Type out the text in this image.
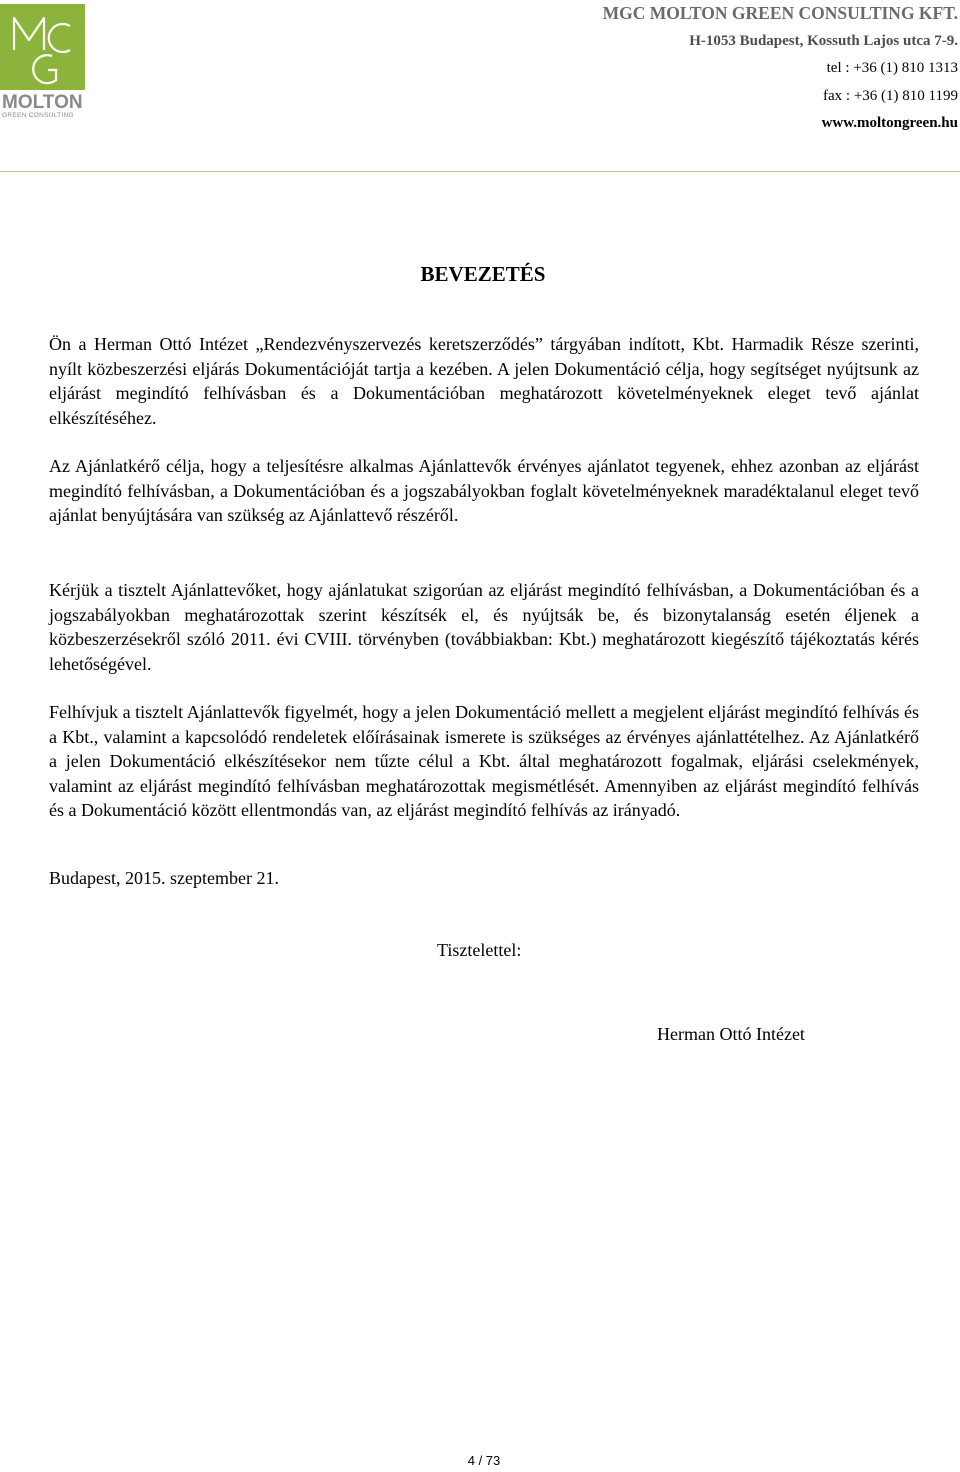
MOLTON
GREEN CONSULTING
MGC MOLTON GREEN CONSULTING KFT.
H-1053 Budapest, Kossuth Lajos utca 7-9.
tel : +36 (1) 810 1313
fax : +36 (1) 810 1199
www.moltongreen.hu
BEVEZETÉS

Ön a Herman Ottó Intézet „Rendezvényszervezés keretszerződés” tárgyában indított, Kbt. Harmadik Része szerinti, nyílt közbeszerzési eljárás Dokumentációját tartja a kezében. A jelen Dokumentáció célja, hogy segítséget nyújtsunk az eljárást megindító felhívásban és a Dokumentációban meghatározott követelményeknek eleget tevő ajánlat elkészítéséhez.

Az Ajánlatkérő célja, hogy a teljesítésre alkalmas Ajánlattevők érvényes ajánlatot tegyenek, ehhez azonban az eljárást megindító felhívásban, a Dokumentációban és a jogszabályokban foglalt követelményeknek maradéktalanul eleget tevő ajánlat benyújtására van szükség az Ajánlattevő részéről.

Kérjük a tisztelt Ajánlattevőket, hogy ajánlatukat szigorúan az eljárást megindító felhívásban, a Dokumentációban és a jogszabályokban meghatározottak szerint készítsék el, és nyújtsák be, és bizonytalanság esetén éljenek a közbeszerzésekről szóló 2011. évi CVIII. törvényben (továbbiakban: Kbt.) meghatározott kiegészítő tájékoztatás kérés lehetőségével.

Felhívjuk a tisztelt Ajánlattevők figyelmét, hogy a jelen Dokumentáció mellett a megjelent eljárást megindító felhívás és a Kbt., valamint a kapcsolódó rendeletek előírásainak ismerete is szükséges az érvényes ajánlattételhez. Az Ajánlatkérő a jelen Dokumentáció elkészítésekor nem tűzte célul a Kbt. által meghatározott fogalmak, eljárási cselekmények, valamint az eljárást megindító felhívásban meghatározottak megismétlését. Amennyiben az eljárást megindító felhívás és a Dokumentáció között ellentmondás van, az eljárást megindító felhívás az irányadó.

Budapest, 2015. szeptember 21.
Tisztelettel:
Herman Ottó Intézet
4 / 73
